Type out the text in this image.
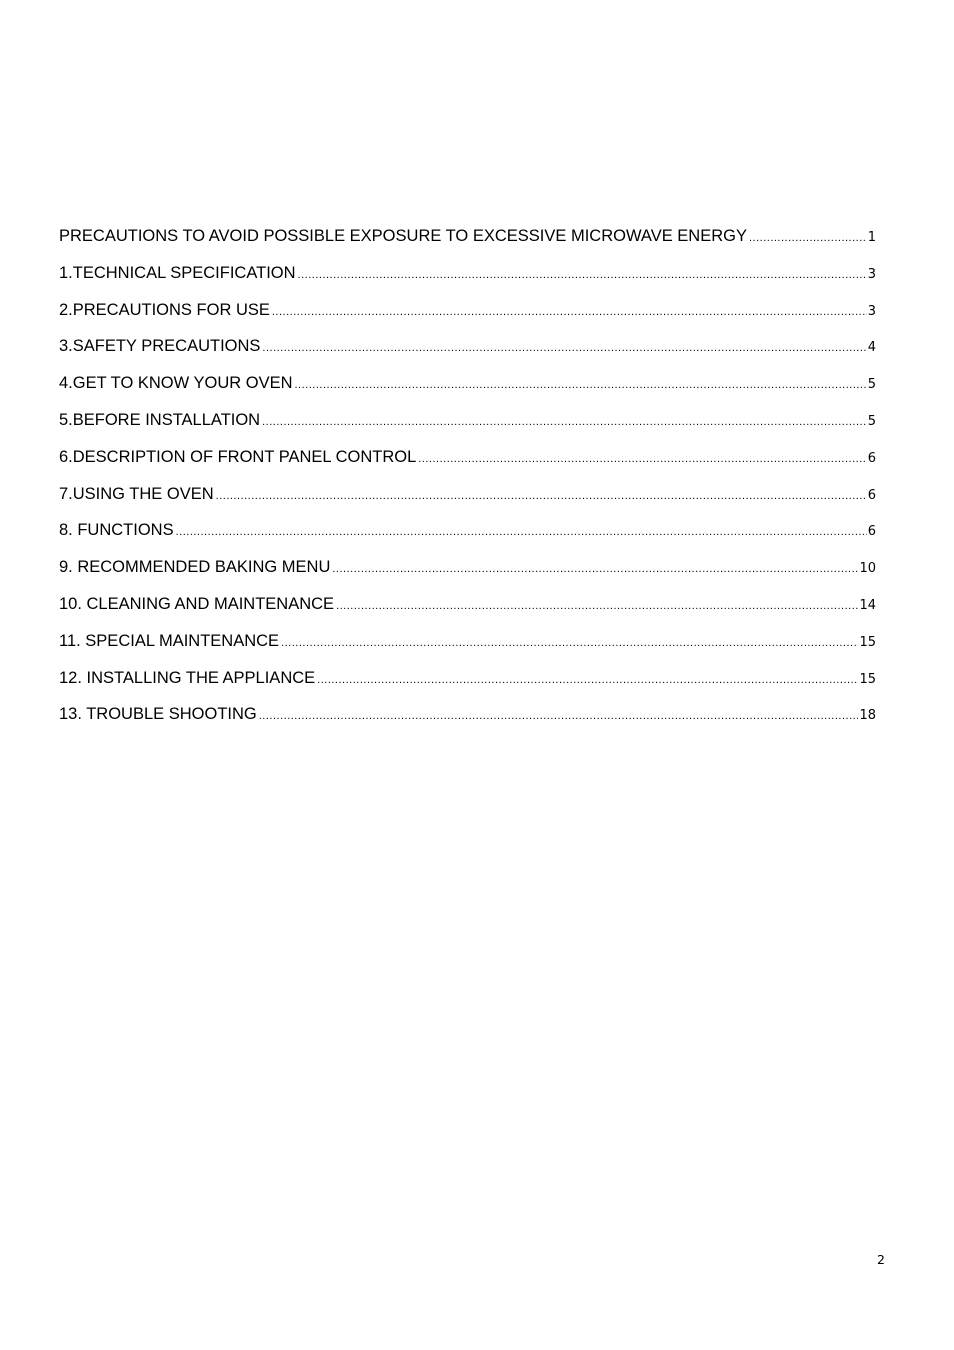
PRECAUTIONS TO AVOID POSSIBLE EXPOSURE TO EXCESSIVE MICROWAVE ENERGY .....	1
1.TECHNICAL SPECIFICATION .....	3
2.PRECAUTIONS FOR USE .....	3
3.SAFETY PRECAUTIONS .....	4
4.GET TO KNOW YOUR OVEN .....	5
5.BEFORE INSTALLATION .....	5
6.DESCRIPTION OF FRONT PANEL CONTROL .....	6
7.USING THE OVEN .....	6
8. FUNCTIONS .....	6
9. RECOMMENDED BAKING MENU .....	10
10. CLEANING AND MAINTENANCE .....	14
11. SPECIAL MAINTENANCE .....	15
12. INSTALLING THE APPLIANCE .....	15
13. TROUBLE SHOOTING .....	18
2
